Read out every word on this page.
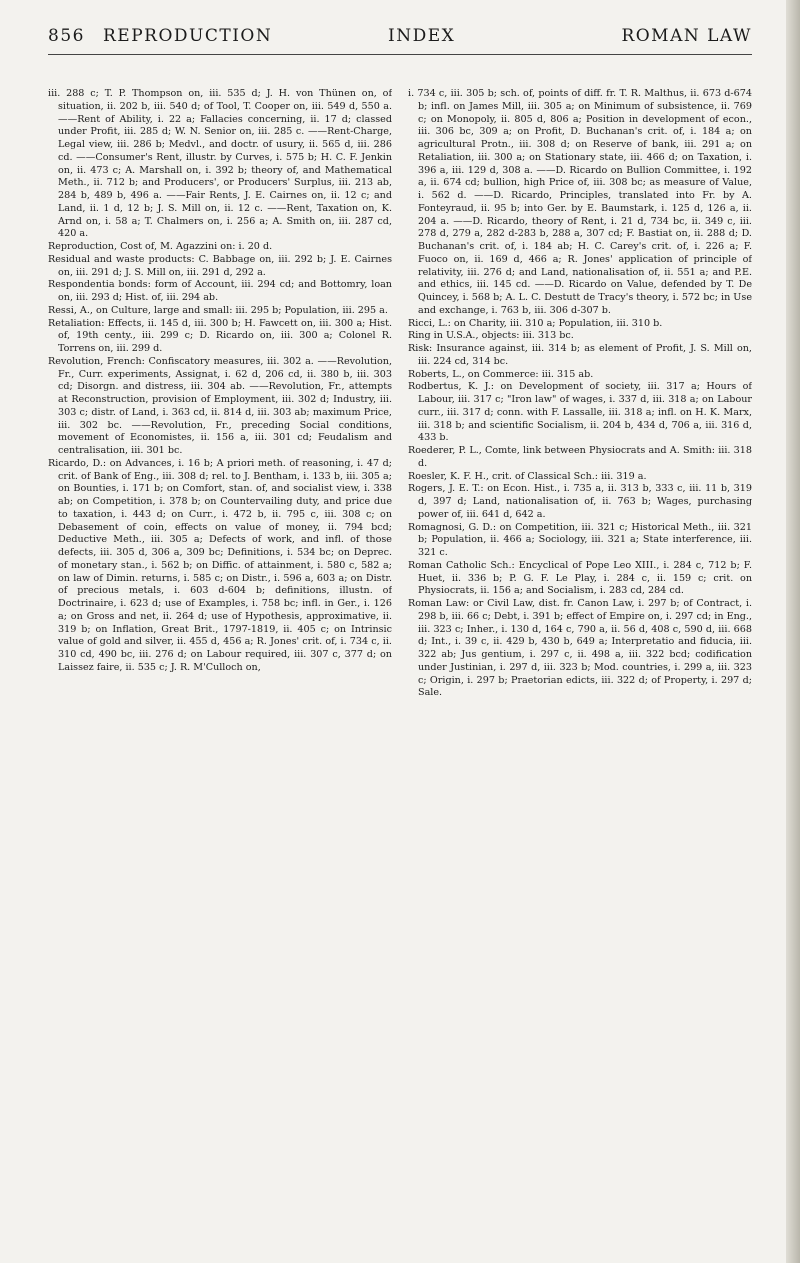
856 REPRODUCTION	INDEX	ROMAN LAW

iii. 288 c; T. P. Thompson on, iii. 535 d; J. H. von Thünen on, of situation, ii. 202 b, iii. 540 d; of Tool, T. Cooper on, iii. 549 d, 550 a. ——Rent of Ability, i. 22 a; Fallacies concerning, ii. 17 d; classed under Profit, iii. 285 d; W. N. Senior on, iii. 285 c. ——Rent-Charge, Legal view, iii. 286 b; Medvl., and doctr. of usury, ii. 565 d, iii. 286 cd. ——Consumer's Rent, illustr. by Curves, i. 575 b; H. C. F. Jenkin on, ii. 473 c; A. Marshall on, i. 392 b; theory of, and Mathematical Meth., ii. 712 b; and Producers', or Producers' Surplus, iii. 213 ab, 284 b, 489 b, 496 a. ——Fair Rents, J. E. Cairnes on, ii. 12 c; and Land, ii. 1 d, 12 b; J. S. Mill on, ii. 12 c. ——Rent, Taxation on, K. Arnd on, i. 58 a; T. Chalmers on, i. 256 a; A. Smith on, iii. 287 cd, 420 a.

Reproduction, Cost of, M. Agazzini on: i. 20 d.

Residual and waste products: C. Babbage on, iii. 292 b; J. E. Cairnes on, iii. 291 d; J. S. Mill on, iii. 291 d, 292 a.

Respondentia bonds: form of Account, iii. 294 cd; and Bottomry, loan on, iii. 293 d; Hist. of, iii. 294 ab.

Ressi, A., on Culture, large and small: iii. 295 b; Population, iii. 295 a.

Retaliation: Effects, ii. 145 d, iii. 300 b; H. Fawcett on, iii. 300 a; Hist. of, 19th centy., iii. 299 c; D. Ricardo on, iii. 300 a; Colonel R. Torrens on, iii. 299 d.

Revolution, French: Confiscatory measures, iii. 302 a. ——Revolution, Fr., Curr. experiments, Assignat, i. 62 d, 206 cd, ii. 380 b, iii. 303 cd; Disorgn. and distress, iii. 304 ab. ——Revolution, Fr., attempts at Reconstruction, provision of Employment, iii. 302 d; Industry, iii. 303 c; distr. of Land, i. 363 cd, ii. 814 d, iii. 303 ab; maximum Price, iii. 302 bc. ——Revolution, Fr., preceding Social conditions, movement of Economistes, ii. 156 a, iii. 301 cd; Feudalism and centralisation, iii. 301 bc.

Ricardo, D.: on Advances, i. 16 b; A priori meth. of reasoning, i. 47 d; crit. of Bank of Eng., iii. 308 d; rel. to J. Bentham, i. 133 b, iii. 305 a; on Bounties, i. 171 b; on Comfort, stan. of, and socialist view, i. 338 ab; on Competition, i. 378 b; on Countervailing duty, and price due to taxation, i. 443 d; on Curr., i. 472 b, ii. 795 c, iii. 308 c; on Debasement of coin, effects on value of money, ii. 794 bcd; Deductive Meth., iii. 305 a; Defects of work, and infl. of those defects, iii. 305 d, 306 a, 309 bc; Definitions, i. 534 bc; on Deprec. of monetary stan., i. 562 b; on Diffic. of attainment, i. 580 c, 582 a; on law of Dimin. returns, i. 585 c; on Distr., i. 596 a, 603 a; on Distr. of precious metals, i. 603 d-604 b; definitions, illustn. of Doctrinaire, i. 623 d; use of Examples, i. 758 bc; infl. in Ger., i. 126 a; on Gross and net, ii. 264 d; use of Hypothesis, approximative, ii. 319 b; on Inflation, Great Brit., 1797-1819, ii. 405 c; on Intrinsic value of gold and silver, ii. 455 d, 456 a; R. Jones' crit. of, i. 734 c, ii. 310 cd, 490 bc, iii. 276 d; on Labour required, iii. 307 c, 377 d; on Laissez faire, ii. 535 c; J. R. M'Culloch on,

i. 734 c, iii. 305 b; sch. of, points of diff. fr. T. R. Malthus, ii. 673 d-674 b; infl. on James Mill, iii. 305 a; on Minimum of subsistence, ii. 769 c; on Monopoly, ii. 805 d, 806 a; Position in development of econ., iii. 306 bc, 309 a; on Profit, D. Buchanan's crit. of, i. 184 a; on agricultural Protn., iii. 308 d; on Reserve of bank, iii. 291 a; on Retaliation, iii. 300 a; on Stationary state, iii. 466 d; on Taxation, i. 396 a, iii. 129 d, 308 a. ——D. Ricardo on Bullion Committee, i. 192 a, ii. 674 cd; bullion, high Price of, iii. 308 bc; as measure of Value, i. 562 d. ——D. Ricardo, Principles, translated into Fr. by A. Fonteyraud, ii. 95 b; into Ger. by E. Baumstark, i. 125 d, 126 a, ii. 204 a. ——D. Ricardo, theory of Rent, i. 21 d, 734 bc, ii. 349 c, iii. 278 d, 279 a, 282 d-283 b, 288 a, 307 cd; F. Bastiat on, ii. 288 d; D. Buchanan's crit. of, i. 184 ab; H. C. Carey's crit. of, i. 226 a; F. Fuoco on, ii. 169 d, 466 a; R. Jones' application of principle of relativity, iii. 276 d; and Land, nationalisation of, ii. 551 a; and P.E. and ethics, iii. 145 cd. ——D. Ricardo on Value, defended by T. De Quincey, i. 568 b; A. L. C. Destutt de Tracy's theory, i. 572 bc; in Use and exchange, i. 763 b, iii. 306 d-307 b.

Ricci, L.: on Charity, iii. 310 a; Population, iii. 310 b.

Ring in U.S.A., objects: iii. 313 bc.

Risk: Insurance against, iii. 314 b; as element of Profit, J. S. Mill on, iii. 224 cd, 314 bc.

Roberts, L., on Commerce: iii. 315 ab.

Rodbertus, K. J.: on Development of society, iii. 317 a; Hours of Labour, iii. 317 c; "Iron law" of wages, i. 337 d, iii. 318 a; on Labour curr., iii. 317 d; conn. with F. Lassalle, iii. 318 a; infl. on H. K. Marx, iii. 318 b; and scientific Socialism, ii. 204 b, 434 d, 706 a, iii. 316 d, 433 b.

Roederer, P. L., Comte, link between Physiocrats and A. Smith: iii. 318 d.

Roesler, K. F. H., crit. of Classical Sch.: iii. 319 a.

Rogers, J. E. T.: on Econ. Hist., i. 735 a, ii. 313 b, 333 c, iii. 11 b, 319 d, 397 d; Land, nationalisation of, ii. 763 b; Wages, purchasing power of, iii. 641 d, 642 a.

Romagnosi, G. D.: on Competition, iii. 321 c; Historical Meth., iii. 321 b; Population, ii. 466 a; Sociology, iii. 321 a; State interference, iii. 321 c.

Roman Catholic Sch.: Encyclical of Pope Leo XIII., i. 284 c, 712 b; F. Huet, ii. 336 b; P. G. F. Le Play, i. 284 c, ii. 159 c; crit. on Physiocrats, ii. 156 a; and Socialism, i. 283 cd, 284 cd.

Roman Law: or Civil Law, dist. fr. Canon Law, i. 297 b; of Contract, i. 298 b, iii. 66 c; Debt, i. 391 b; effect of Empire on, i. 297 cd; in Eng., iii. 323 c; Inher., i. 130 d, 164 c, 790 a, ii. 56 d, 408 c, 590 d, iii. 668 d; Int., i. 39 c, ii. 429 b, 430 b, 649 a; Interpretatio and fiducia, iii. 322 ab; Jus gentium, i. 297 c, ii. 498 a, iii. 322 bcd; codification under Justinian, i. 297 d, iii. 323 b; Mod. countries, i. 299 a, iii. 323 c; Origin, i. 297 b; Praetorian edicts, iii. 322 d; of Property, i. 297 d; Sale.
